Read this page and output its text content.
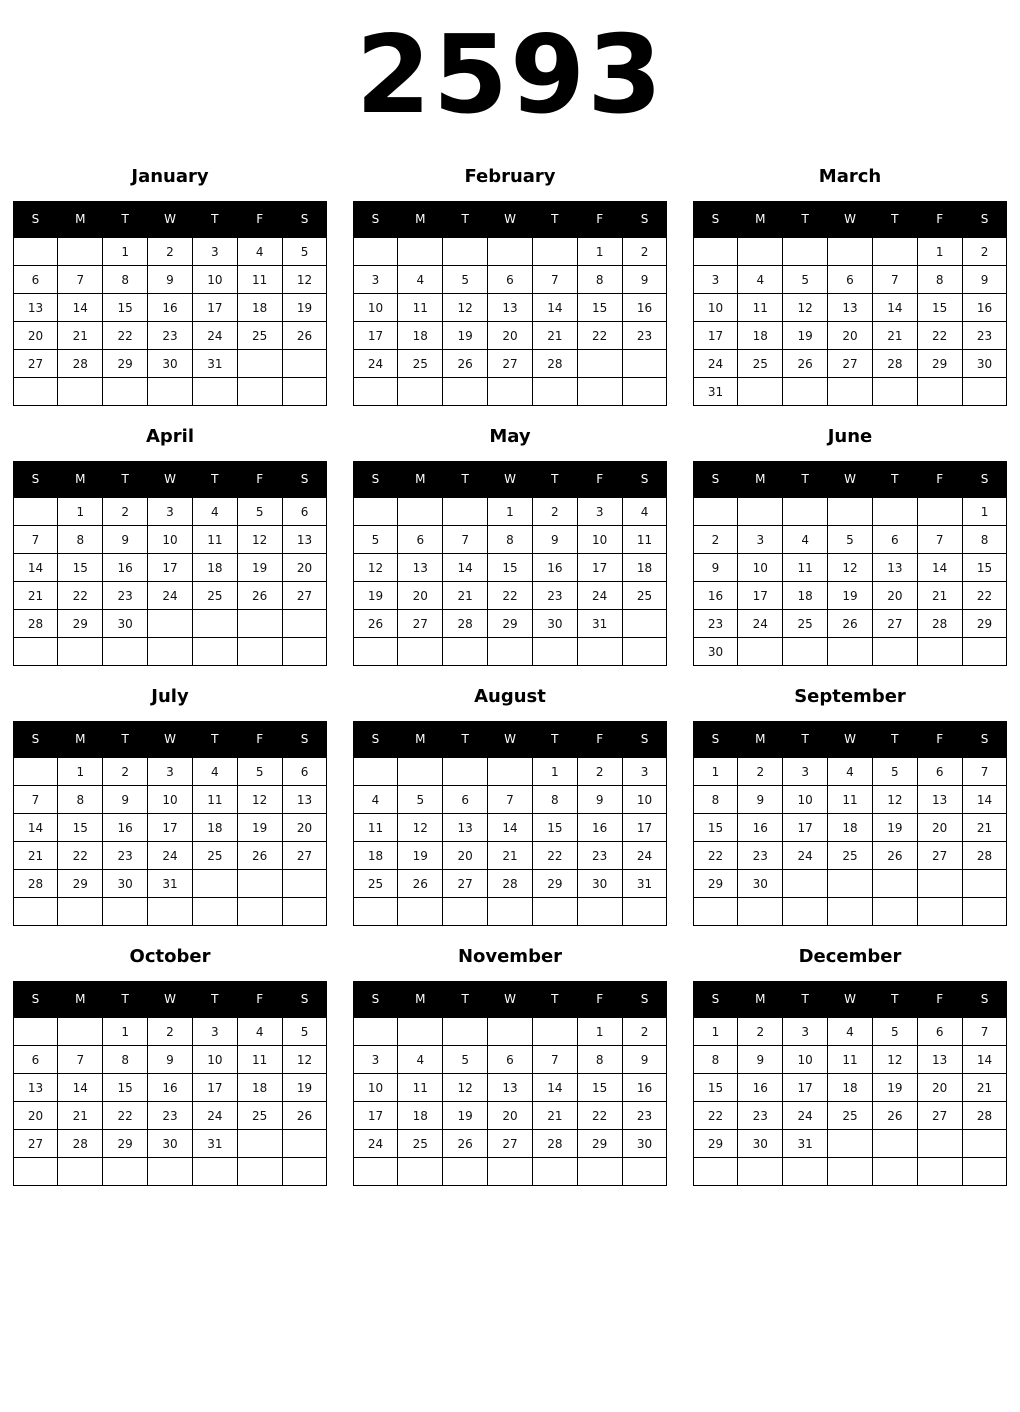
2593
January
S	M	T	W	T	F	S
		1	2	3	4	5
6	7	8	9	10	11	12
13	14	15	16	17	18	19
20	21	22	23	24	25	26
27	28	29	30	31		

February
S	M	T	W	T	F	S
					1	2
3	4	5	6	7	8	9
10	11	12	13	14	15	16
17	18	19	20	21	22	23
24	25	26	27	28		

March
S	M	T	W	T	F	S
					1	2
3	4	5	6	7	8	9
10	11	12	13	14	15	16
17	18	19	20	21	22	23
24	25	26	27	28	29	30
31						
April
S	M	T	W	T	F	S
	1	2	3	4	5	6
7	8	9	10	11	12	13
14	15	16	17	18	19	20
21	22	23	24	25	26	27
28	29	30				

May
S	M	T	W	T	F	S
			1	2	3	4
5	6	7	8	9	10	11
12	13	14	15	16	17	18
19	20	21	22	23	24	25
26	27	28	29	30	31	

June
S	M	T	W	T	F	S
						1
2	3	4	5	6	7	8
9	10	11	12	13	14	15
16	17	18	19	20	21	22
23	24	25	26	27	28	29
30						
July
S	M	T	W	T	F	S
	1	2	3	4	5	6
7	8	9	10	11	12	13
14	15	16	17	18	19	20
21	22	23	24	25	26	27
28	29	30	31			

August
S	M	T	W	T	F	S
				1	2	3
4	5	6	7	8	9	10
11	12	13	14	15	16	17
18	19	20	21	22	23	24
25	26	27	28	29	30	31

September
S	M	T	W	T	F	S
1	2	3	4	5	6	7
8	9	10	11	12	13	14
15	16	17	18	19	20	21
22	23	24	25	26	27	28
29	30					

October
S	M	T	W	T	F	S
		1	2	3	4	5
6	7	8	9	10	11	12
13	14	15	16	17	18	19
20	21	22	23	24	25	26
27	28	29	30	31		

November
S	M	T	W	T	F	S
					1	2
3	4	5	6	7	8	9
10	11	12	13	14	15	16
17	18	19	20	21	22	23
24	25	26	27	28	29	30

December
S	M	T	W	T	F	S
1	2	3	4	5	6	7
8	9	10	11	12	13	14
15	16	17	18	19	20	21
22	23	24	25	26	27	28
29	30	31				
